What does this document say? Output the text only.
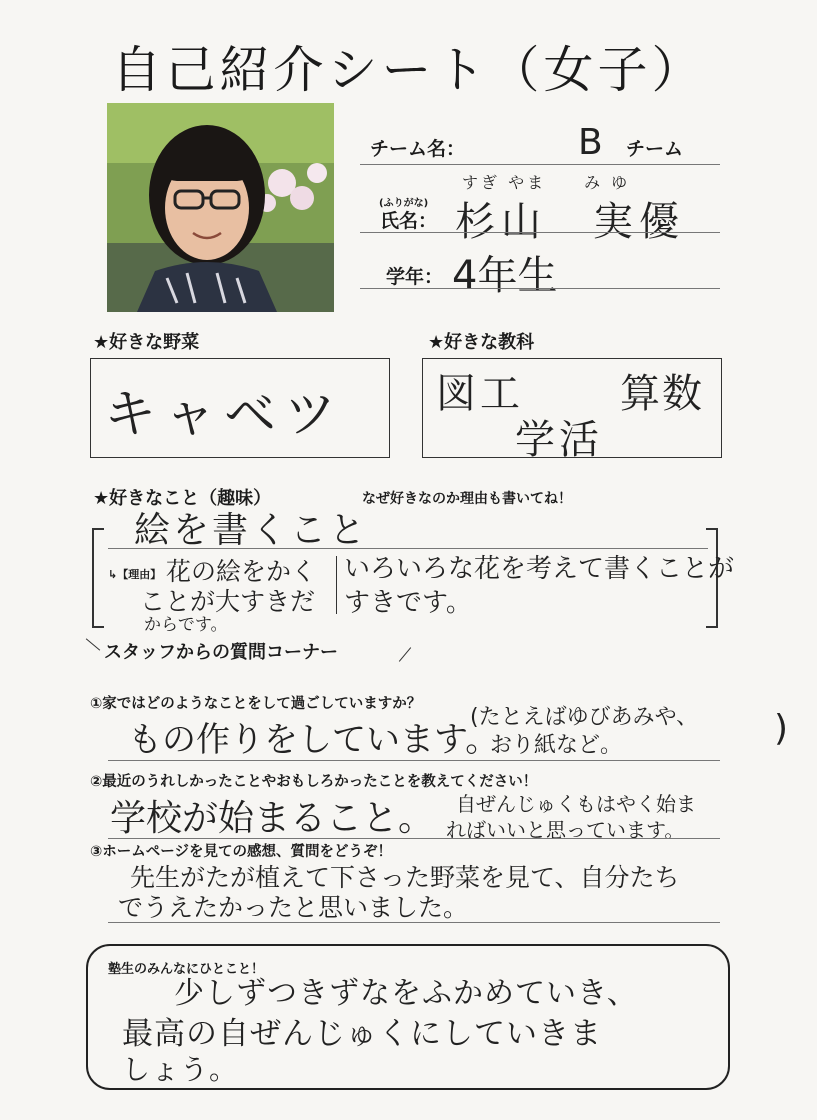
自己紹介シート（女子）
チーム名：	B チーム
(ふりがな)
すぎ やま　　み ゆ
氏名： 杉山　実優
学年： 4年生
★好きな野菜
キャベツ
★好きな教科
図工 算数
学活
★好きなこと（趣味）	なぜ好きなのか理由も書いてね！
絵を書くこと
↳【理由】 花の絵をかく
ことが大すきだ
からです。
いろいろな花を考えて書くことが
すきです。
スタッフからの質問コーナー
①家ではどのようなことをして過ごしていますか？
もの作りをしています。
(たとえばゆびあみや、
おり紙など。	)
②最近のうれしかったことやおもしろかったことを教えてください！
学校が始まること。 自ぜんじゅくもはやく始ま
ればいいと思っています。
③ホームページを見ての感想、質問をどうぞ！
先生がたが植えて下さった野菜を見て、自分たち
でうえたかったと思いました。
塾生のみんなにひとこと！
少しずつきずなをふかめていき、
最高の自ぜんじゅくにしていきま
しょう。
